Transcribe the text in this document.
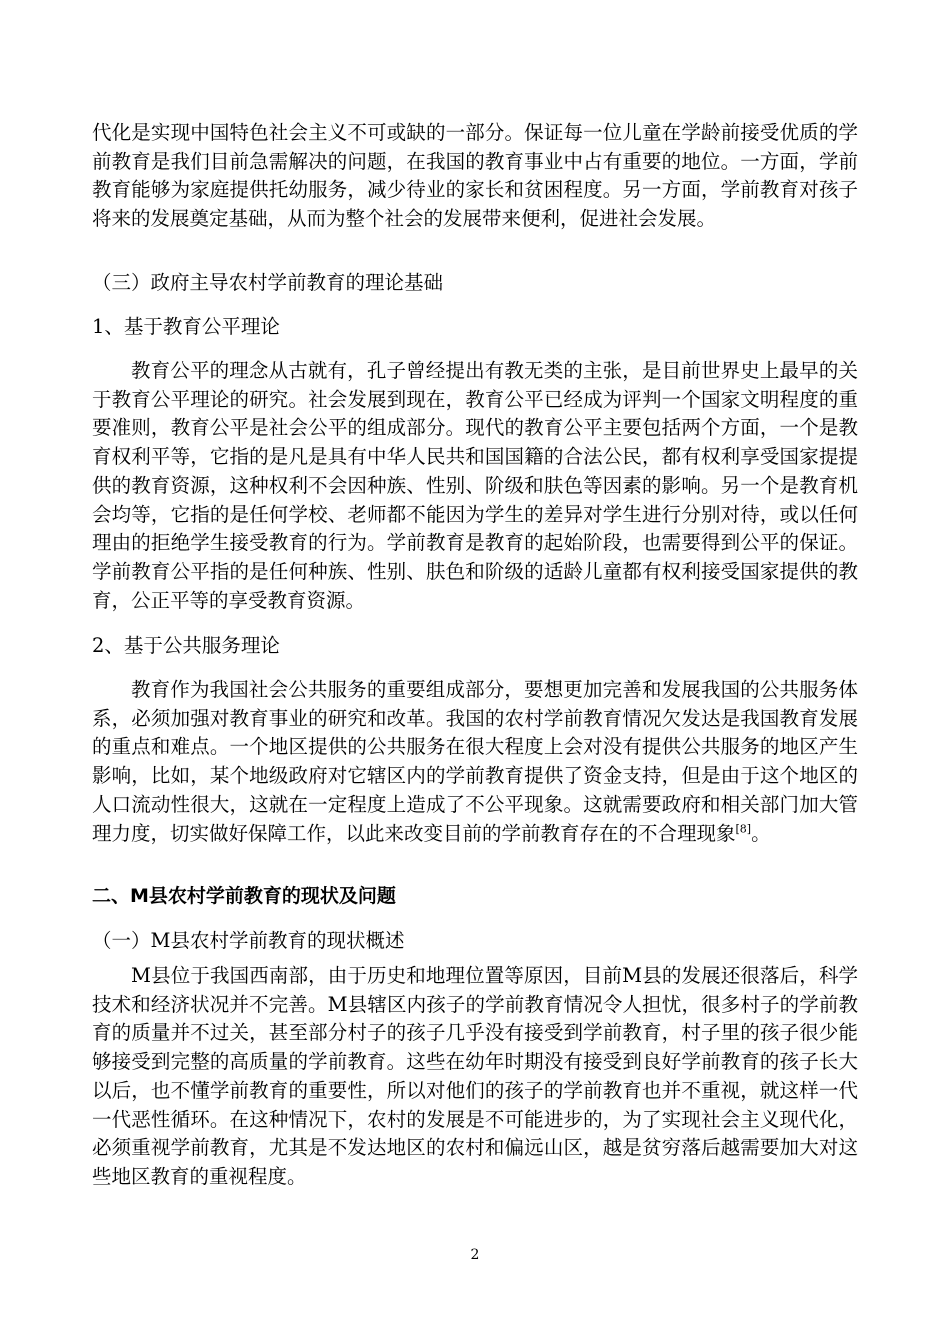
代化是实现中国特色社会主义不可或缺的一部分。保证每一位儿童在学龄前接受优质的学前教育是我们目前急需解决的问题，在我国的教育事业中占有重要的地位。一方面，学前教育能够为家庭提供托幼服务，减少待业的家长和贫困程度。另一方面，学前教育对孩子将来的发展奠定基础，从而为整个社会的发展带来便利，促进社会发展。

（三）政府主导农村学前教育的理论基础

1、基于教育公平理论

教育公平的理念从古就有，孔子曾经提出有教无类的主张，是目前世界史上最早的关于教育公平理论的研究。社会发展到现在，教育公平已经成为评判一个国家文明程度的重要准则，教育公平是社会公平的组成部分。现代的教育公平主要包括两个方面，一个是教育权利平等，它指的是凡是具有中华人民共和国国籍的合法公民，都有权利享受国家提提供的教育资源，这种权利不会因种族、性别、阶级和肤色等因素的影响。另一个是教育机会均等，它指的是任何学校、老师都不能因为学生的差异对学生进行分别对待，或以任何理由的拒绝学生接受教育的行为。学前教育是教育的起始阶段，也需要得到公平的保证。学前教育公平指的是任何种族、性别、肤色和阶级的适龄儿童都有权利接受国家提供的教育，公正平等的享受教育资源。

2、基于公共服务理论

教育作为我国社会公共服务的重要组成部分，要想更加完善和发展我国的公共服务体系，必须加强对教育事业的研究和改革。我国的农村学前教育情况欠发达是我国教育发展的重点和难点。一个地区提供的公共服务在很大程度上会对没有提供公共服务的地区产生影响，比如，某个地级政府对它辖区内的学前教育提供了资金支持，但是由于这个地区的人口流动性很大，这就在一定程度上造成了不公平现象。这就需要政府和相关部门加大管理力度，切实做好保障工作，以此来改变目前的学前教育存在的不合理现象[8]。

二、M县农村学前教育的现状及问题

（一）M县农村学前教育的现状概述

M县位于我国西南部，由于历史和地理位置等原因，目前M县的发展还很落后，科学技术和经济状况并不完善。M县辖区内孩子的学前教育情况令人担忧，很多村子的学前教育的质量并不过关，甚至部分村子的孩子几乎没有接受到学前教育，村子里的孩子很少能够接受到完整的高质量的学前教育。这些在幼年时期没有接受到良好学前教育的孩子长大以后，也不懂学前教育的重要性，所以对他们的孩子的学前教育也并不重视，就这样一代一代恶性循环。在这种情况下，农村的发展是不可能进步的，为了实现社会主义现代化，必须重视学前教育，尤其是不发达地区的农村和偏远山区，越是贫穷落后越需要加大对这些地区教育的重视程度。

2
